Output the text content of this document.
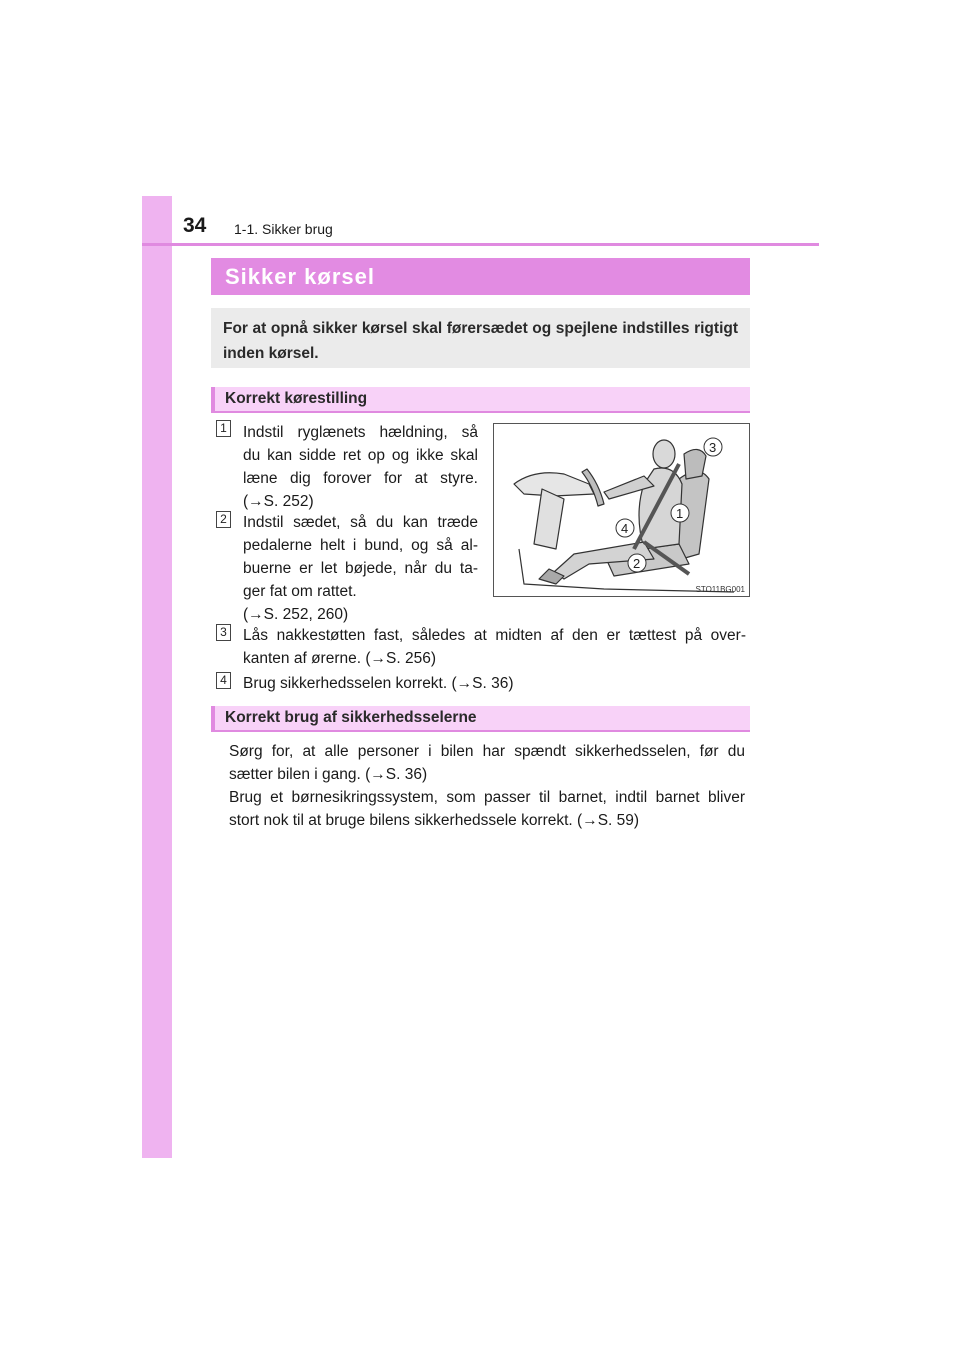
34 1-1. Sikker brug
Sikker kørsel
For at opnå sikker kørsel skal førersædet og spejlene indstilles rigtigt inden kørsel.
Korrekt kørestilling
1 Indstil ryglænets hældning, så
du kan sidde ret op og ikke skal
læne dig forover for at styre.
(→S. 252)
2 Indstil sædet, så du kan træde
pedalerne helt i bund, og så al-
buerne er let bøjede, når du ta-
ger fat om rattet.
(→S. 252, 260)
3
1
4
2
STO11BG001
3 Lås nakkestøtten fast, således at midten af den er tættest på over-
kanten af ørerne. (→S. 256)
4 Brug sikkerhedsselen korrekt. (→S. 36)
Korrekt brug af sikkerhedsselerne
Sørg for, at alle personer i bilen har spændt sikkerhedsselen, før du
sætter bilen i gang. (→S. 36)
Brug et børnesikringssystem, som passer til barnet, indtil barnet bliver
stort nok til at bruge bilens sikkerhedssele korrekt. (→S. 59)
